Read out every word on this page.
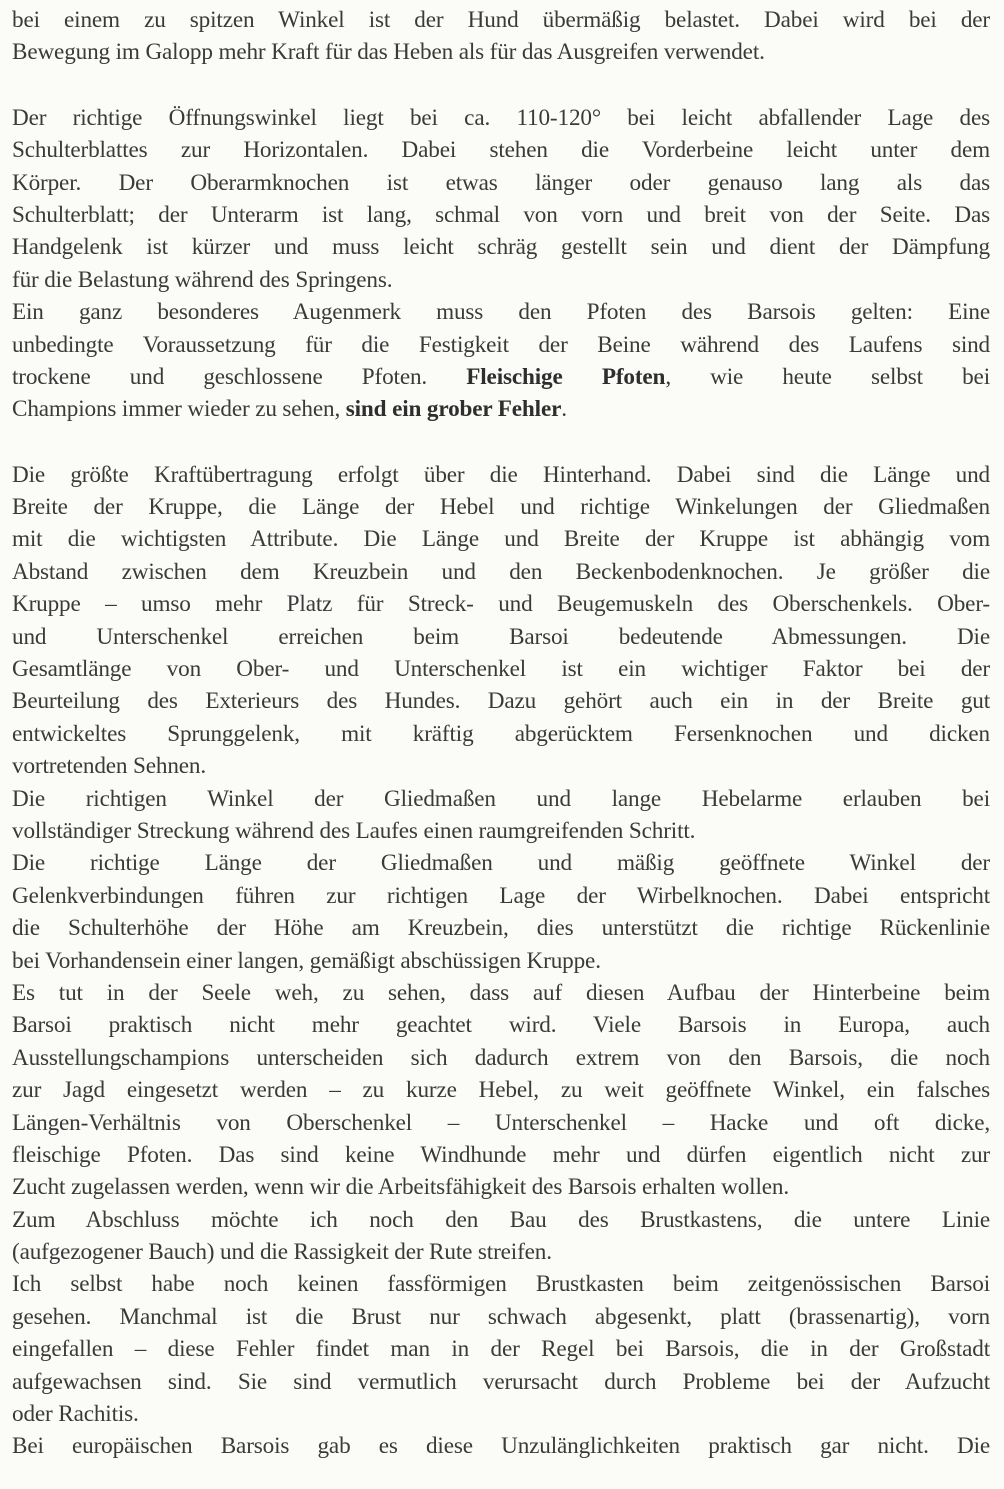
bei einem zu spitzen Winkel ist der Hund übermäßig belastet. Dabei wird bei der
Bewegung im Galopp mehr Kraft für das Heben als für das Ausgreifen verwendet.
Der richtige Öffnungswinkel liegt bei ca. 110-120° bei leicht abfallender Lage des
Schulterblattes zur Horizontalen. Dabei stehen die Vorderbeine leicht unter dem
Körper. Der Oberarmknochen ist etwas länger oder genauso lang als das
Schulterblatt; der Unterarm ist lang, schmal von vorn und breit von der Seite. Das
Handgelenk ist kürzer und muss leicht schräg gestellt sein und dient der Dämpfung
für die Belastung während des Springens.
Ein ganz besonderes Augenmerk muss den Pfoten des Barsois gelten: Eine
unbedingte Voraussetzung für die Festigkeit der Beine während des Laufens sind
trockene und geschlossene Pfoten. Fleischige Pfoten, wie heute selbst bei
Champions immer wieder zu sehen, sind ein grober Fehler.
Die größte Kraftübertragung erfolgt über die Hinterhand. Dabei sind die Länge und
Breite der Kruppe, die Länge der Hebel und richtige Winkelungen der Gliedmaßen
mit die wichtigsten Attribute. Die Länge und Breite der Kruppe ist abhängig vom
Abstand zwischen dem Kreuzbein und den Beckenbodenknochen. Je größer die
Kruppe – umso mehr Platz für Streck- und Beugemuskeln des Oberschenkels. Ober-
und Unterschenkel erreichen beim Barsoi bedeutende Abmessungen. Die
Gesamtlänge von Ober- und Unterschenkel ist ein wichtiger Faktor bei der
Beurteilung des Exterieurs des Hundes. Dazu gehört auch ein in der Breite gut
entwickeltes Sprunggelenk, mit kräftig abgerücktem Fersenknochen und dicken
vortretenden Sehnen.
Die richtigen Winkel der Gliedmaßen und lange Hebelarme erlauben bei
vollständiger Streckung während des Laufes einen raumgreifenden Schritt.
Die richtige Länge der Gliedmaßen und mäßig geöffnete Winkel der
Gelenkverbindungen führen zur richtigen Lage der Wirbelknochen. Dabei entspricht
die Schulterhöhe der Höhe am Kreuzbein, dies unterstützt die richtige Rückenlinie
bei Vorhandensein einer langen, gemäßigt abschüssigen Kruppe.
Es tut in der Seele weh, zu sehen, dass auf diesen Aufbau der Hinterbeine beim
Barsoi praktisch nicht mehr geachtet wird. Viele Barsois in Europa, auch
Ausstellungschampions unterscheiden sich dadurch extrem von den Barsois, die noch
zur Jagd eingesetzt werden – zu kurze Hebel, zu weit geöffnete Winkel, ein falsches
Längen-Verhältnis von Oberschenkel – Unterschenkel – Hacke und oft dicke,
fleischige Pfoten. Das sind keine Windhunde mehr und dürfen eigentlich nicht zur
Zucht zugelassen werden, wenn wir die Arbeitsfähigkeit des Barsois erhalten wollen.
Zum Abschluss möchte ich noch den Bau des Brustkastens, die untere Linie
(aufgezogener Bauch) und die Rassigkeit der Rute streifen.
Ich selbst habe noch keinen fassförmigen Brustkasten beim zeitgenössischen Barsoi
gesehen. Manchmal ist die Brust nur schwach abgesenkt, platt (brassenartig), vorn
eingefallen – diese Fehler findet man in der Regel bei Barsois, die in der Großstadt
aufgewachsen sind. Sie sind vermutlich verursacht durch Probleme bei der Aufzucht
oder Rachitis.
Bei europäischen Barsois gab es diese Unzulänglichkeiten praktisch gar nicht. Die
